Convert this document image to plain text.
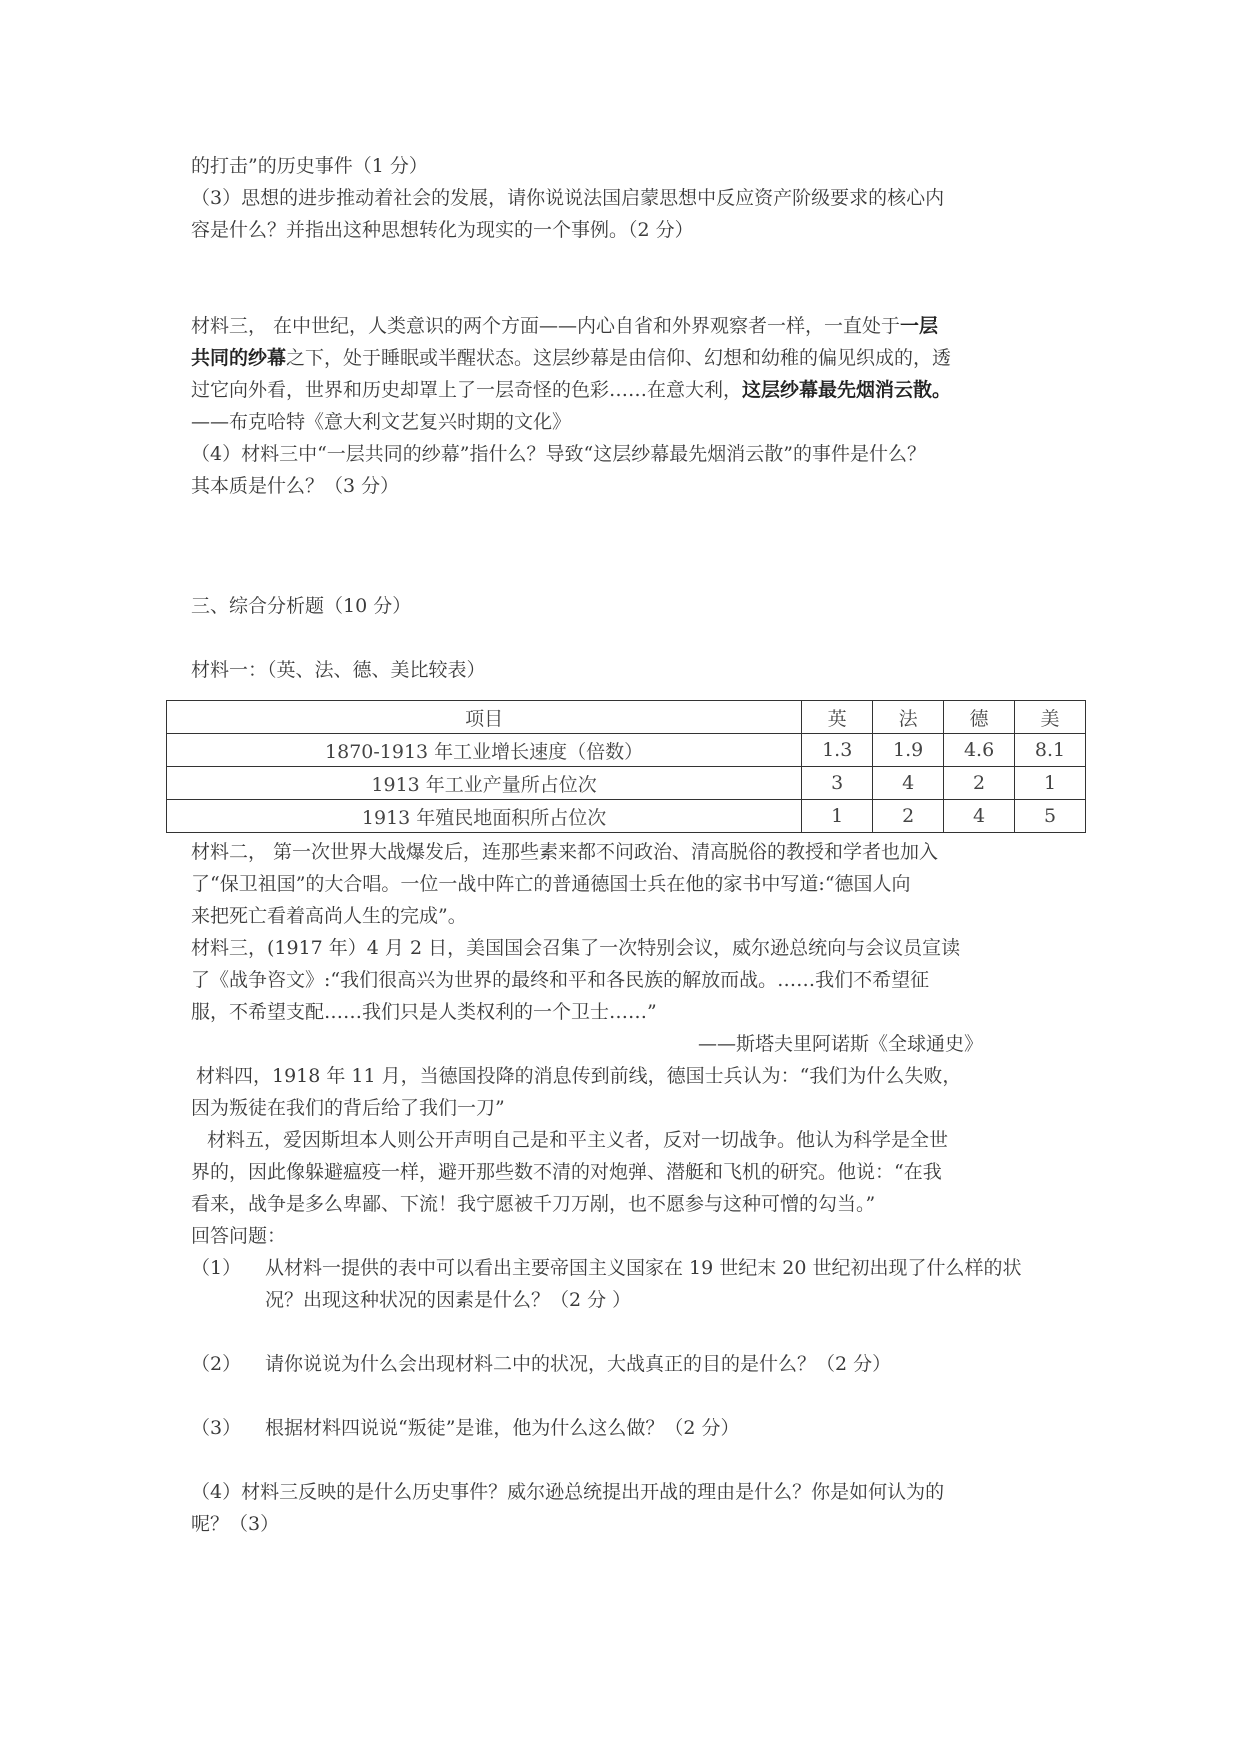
的打击”的历史事件（1 分）
（3）思想的进步推动着社会的发展，请你说说法国启蒙思想中反应资产阶级要求的核心内
容是什么？并指出这种思想转化为现实的一个事例。（2 分）
材料三， 在中世纪，人类意识的两个方面——内心自省和外界观察者一样，一直处于一层
共同的纱幕之下，处于睡眠或半醒状态。这层纱幕是由信仰、幻想和幼稚的偏见织成的，透
过它向外看，世界和历史却罩上了一层奇怪的色彩……在意大利，这层纱幕最先烟消云散。
——布克哈特《意大利文艺复兴时期的文化》
（4）材料三中“一层共同的纱幕”指什么？导致“这层纱幕最先烟消云散”的事件是什么？
其本质是什么？（3 分）
三、综合分析题（10 分）
材料一：（英、法、德、美比较表）
项目	英	法	德	美
1870-1913 年工业增长速度（倍数）	1.3	1.9	4.6	8.1
1913 年工业产量所占位次	3	4	2	1
1913 年殖民地面积所占位次	1	2	4	5
材料二， 第一次世界大战爆发后，连那些素来都不问政治、清高脱俗的教授和学者也加入
了“保卫祖国”的大合唱。一位一战中阵亡的普通德国士兵在他的家书中写道:“德国人向
来把死亡看着高尚人生的完成”。
材料三，(1917 年）4 月 2 日，美国国会召集了一次特别会议，威尔逊总统向与会议员宣读
了《战争咨文》:“我们很高兴为世界的最终和平和各民族的解放而战。……我们不希望征
服，不希望支配……我们只是人类权利的一个卫士……”
——斯塔夫里阿诺斯《全球通史》
材料四，1918 年 11 月，当德国投降的消息传到前线，德国士兵认为：“我们为什么失败，
因为叛徒在我们的背后给了我们一刀”
材料五，爱因斯坦本人则公开声明自己是和平主义者，反对一切战争。他认为科学是全世
界的，因此像躲避瘟疫一样，避开那些数不清的对炮弹、潜艇和飞机的研究。他说：“在我
看来，战争是多么卑鄙、下流！我宁愿被千刀万剐，也不愿参与这种可憎的勾当。”
回答问题：
（1）	从材料一提供的表中可以看出主要帝国主义国家在 19 世纪末 20 世纪初出现了什么样的状况？出现这种状况的因素是什么？（2 分 ）
（2）	请你说说为什么会出现材料二中的状况，大战真正的目的是什么？（2 分）
（3）	根据材料四说说“叛徒”是谁，他为什么这么做？（2 分）
（4）材料三反映的是什么历史事件？威尔逊总统提出开战的理由是什么？你是如何认为的
呢？（3）
